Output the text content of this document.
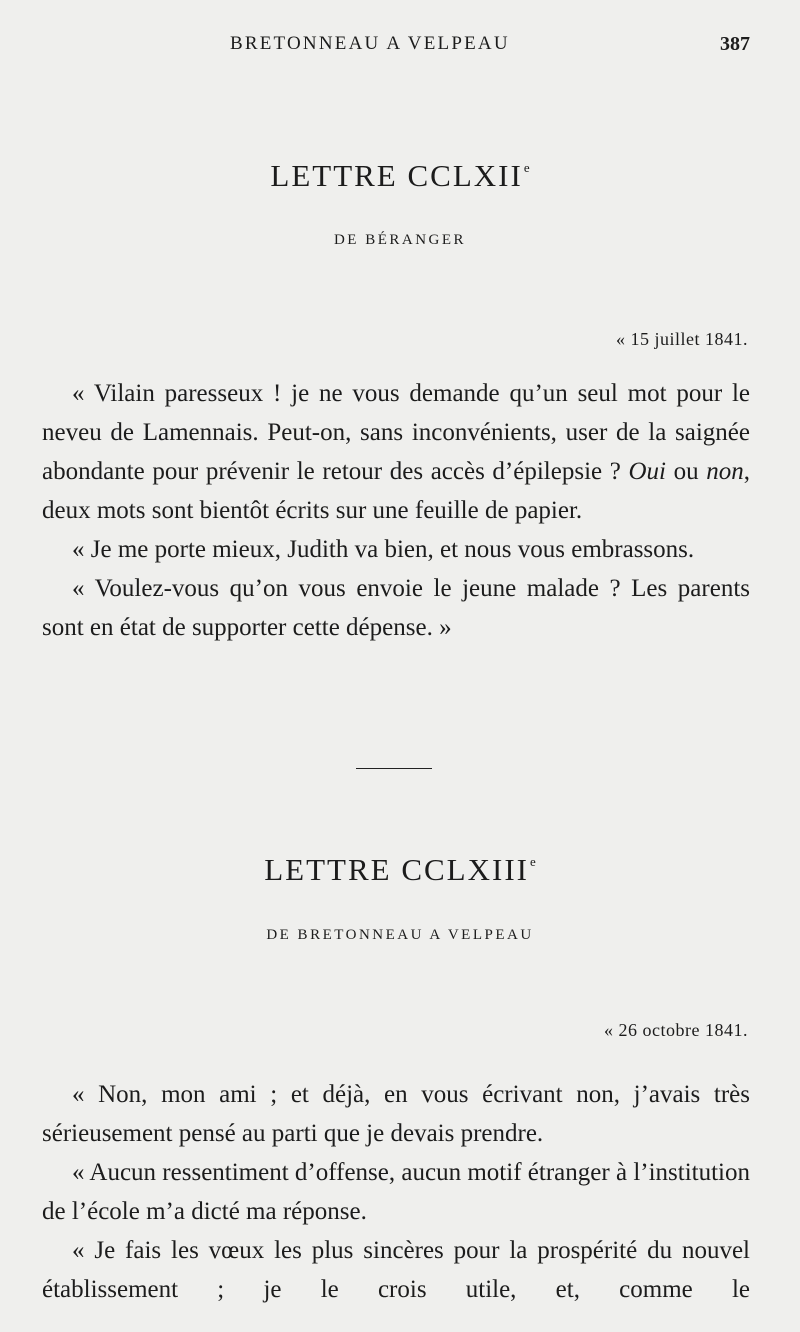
BRETONNEAU A VELPEAU	387
LETTRE CCLXIIe
DE BÉRANGER
« 15 juillet 1841.

« Vilain paresseux ! je ne vous demande qu’un seul mot pour le neveu de Lamennais. Peut-on, sans inconvénients, user de la saignée abondante pour prévenir le retour des accès d’épilepsie ? Oui ou non, deux mots sont bientôt écrits sur une feuille de papier.

« Je me porte mieux, Judith va bien, et nous vous embrassons.

« Voulez-vous qu’on vous envoie le jeune malade ? Les parents sont en état de supporter cette dépense. »

LETTRE CCLXIIIe
DE BRETONNEAU A VELPEAU
« 26 octobre 1841.

« Non, mon ami ; et déjà, en vous écrivant non, j’avais très sérieusement pensé au parti que je devais prendre.

« Aucun ressentiment d’offense, aucun motif étranger à l’institution de l’école m’a dicté ma réponse.

« Je fais les vœux les plus sincères pour la prospérité du nouvel établissement ; je le crois utile, et, comme le
